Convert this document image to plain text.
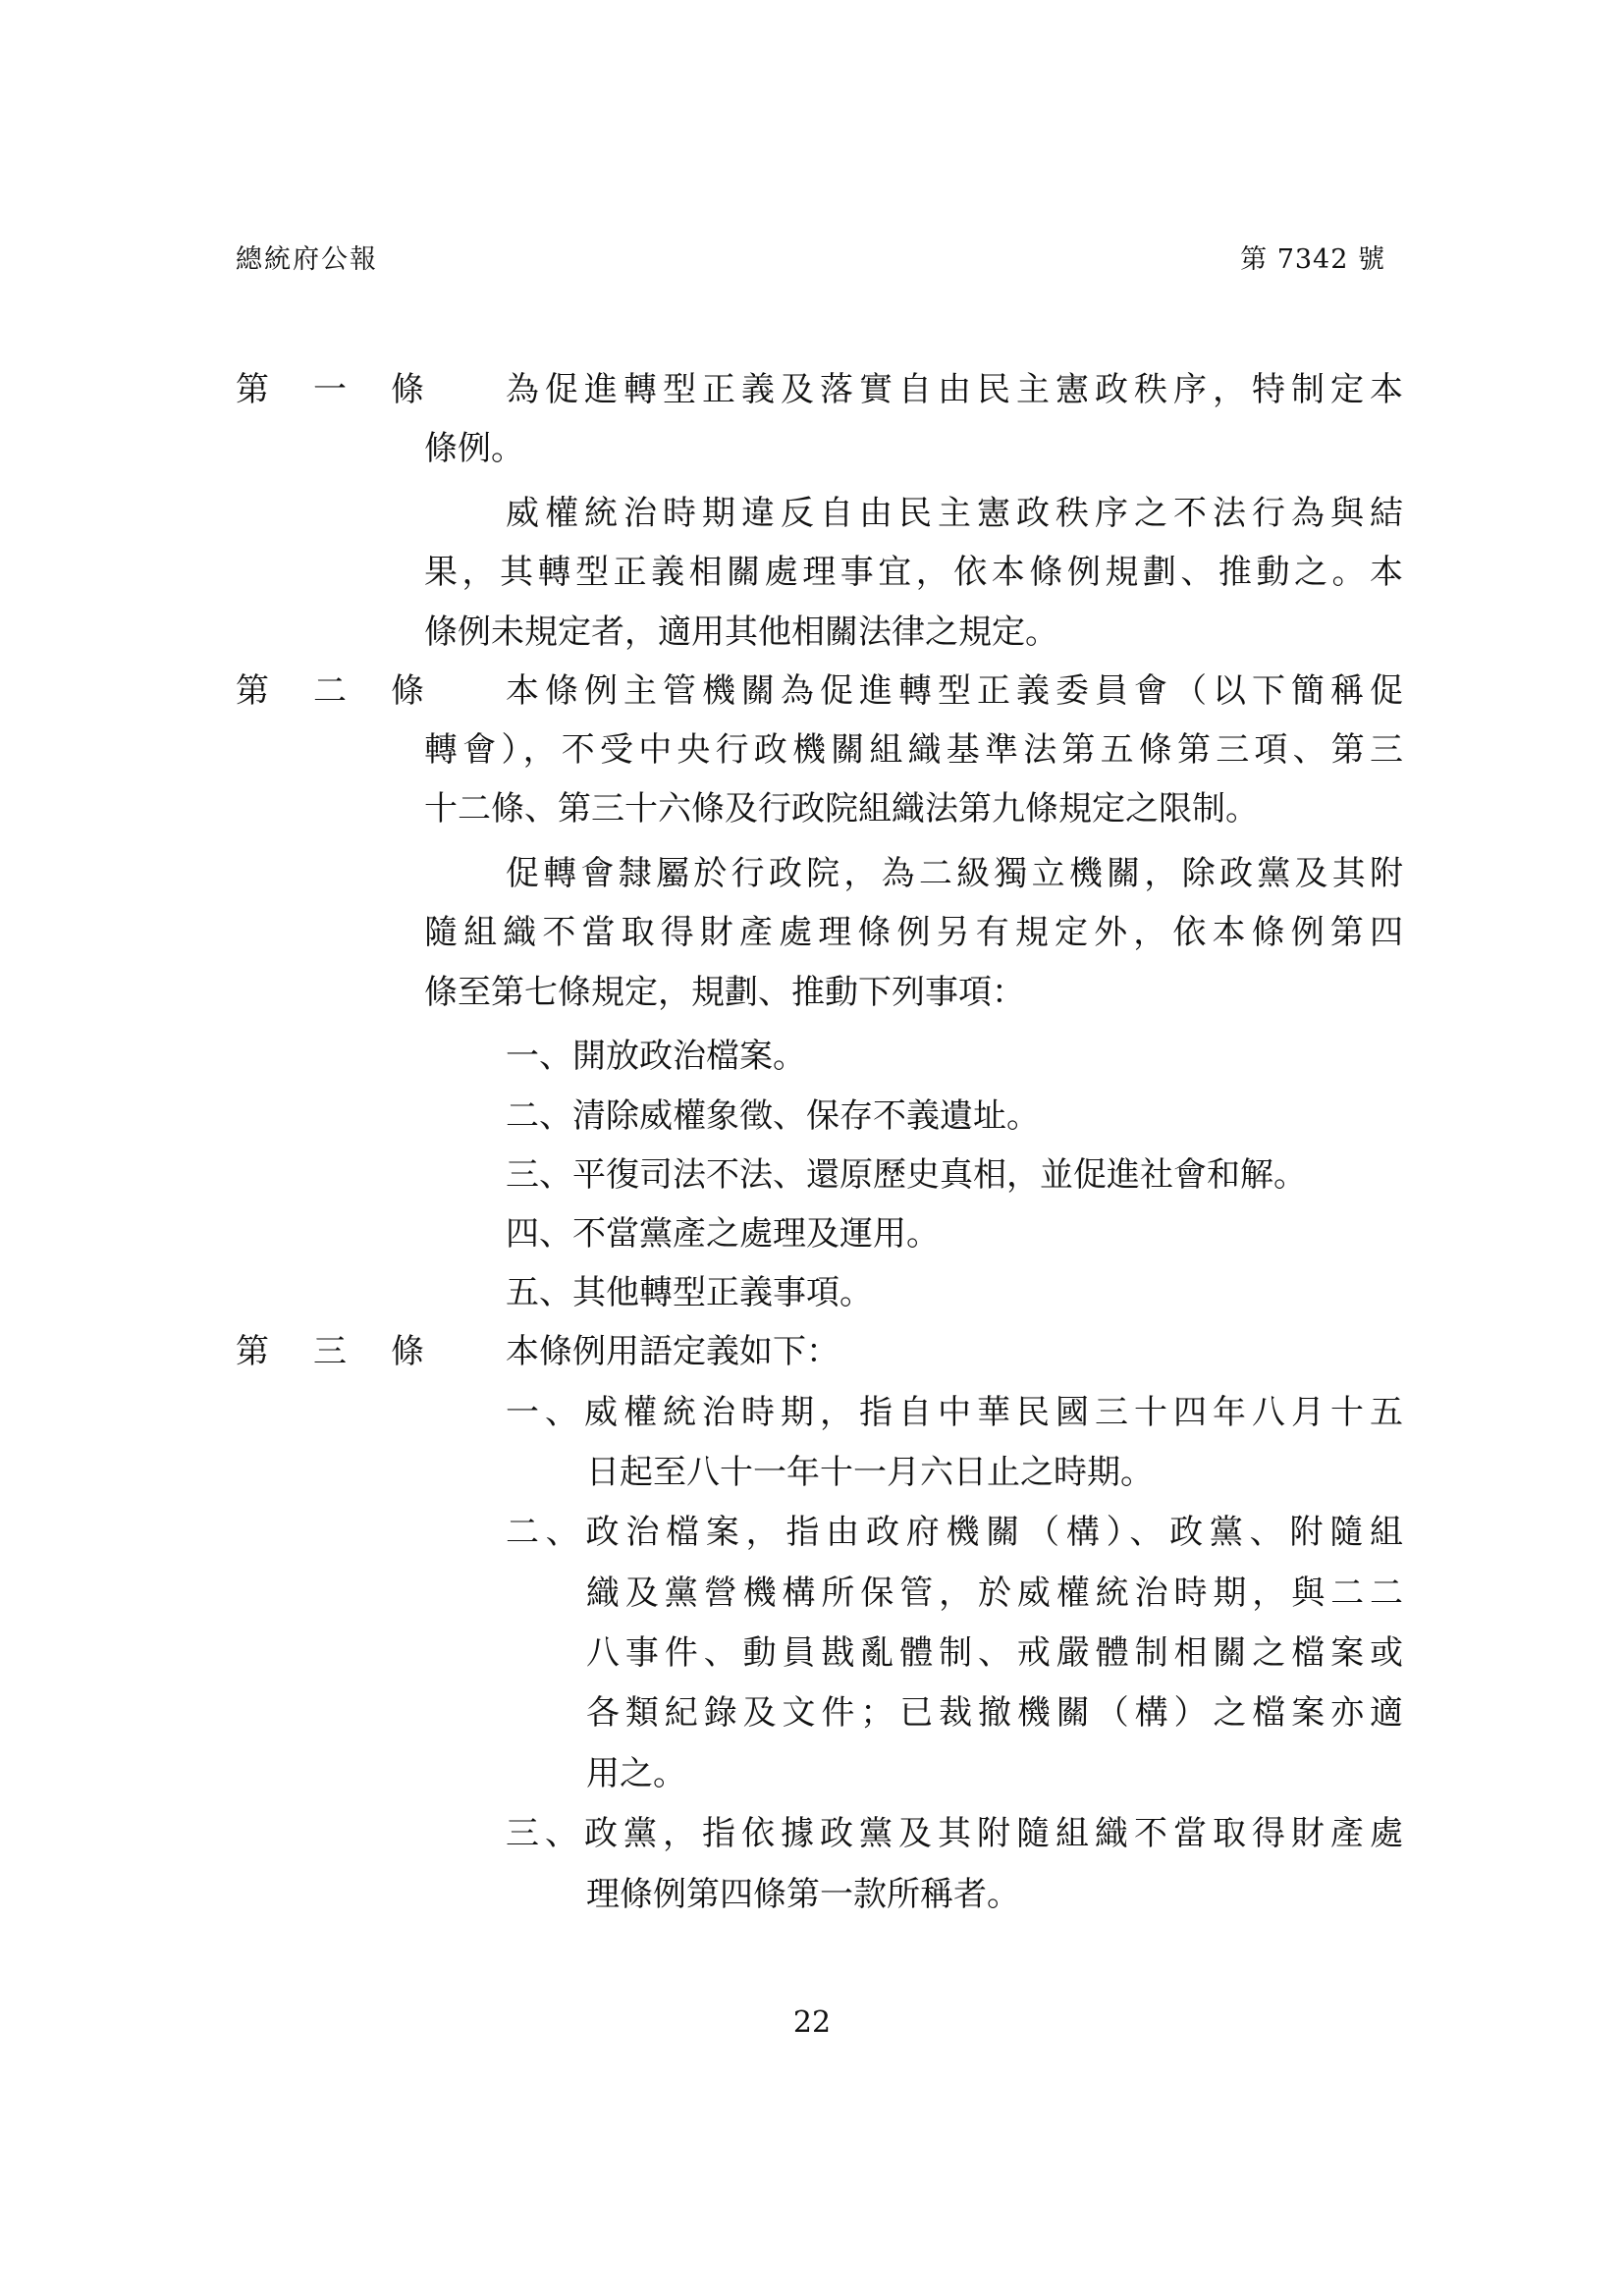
總統府公報	第 7342 號
第一條 為促進轉型正義及落實自由民主憲政秩序，特制定本
條例。
威權統治時期違反自由民主憲政秩序之不法行為與結
果，其轉型正義相關處理事宜，依本條例規劃、推動之。本
條例未規定者，適用其他相關法律之規定。
第二條 本條例主管機關為促進轉型正義委員會（以下簡稱促
轉會），不受中央行政機關組織基準法第五條第三項、第三
十二條、第三十六條及行政院組織法第九條規定之限制。
促轉會隸屬於行政院，為二級獨立機關，除政黨及其附
隨組織不當取得財產處理條例另有規定外，依本條例第四
條至第七條規定，規劃、推動下列事項：
一、開放政治檔案。
二、清除威權象徵、保存不義遺址。
三、平復司法不法、還原歷史真相，並促進社會和解。
四、不當黨產之處理及運用。
五、其他轉型正義事項。
第三條 本條例用語定義如下：
一、威權統治時期，指自中華民國三十四年八月十五
日起至八十一年十一月六日止之時期。
二、政治檔案，指由政府機關（構）、政黨、附隨組
織及黨營機構所保管，於威權統治時期，與二二
八事件、動員戡亂體制、戒嚴體制相關之檔案或
各類紀錄及文件；已裁撤機關（構）之檔案亦適
用之。
三、政黨，指依據政黨及其附隨組織不當取得財產處
理條例第四條第一款所稱者。
22
